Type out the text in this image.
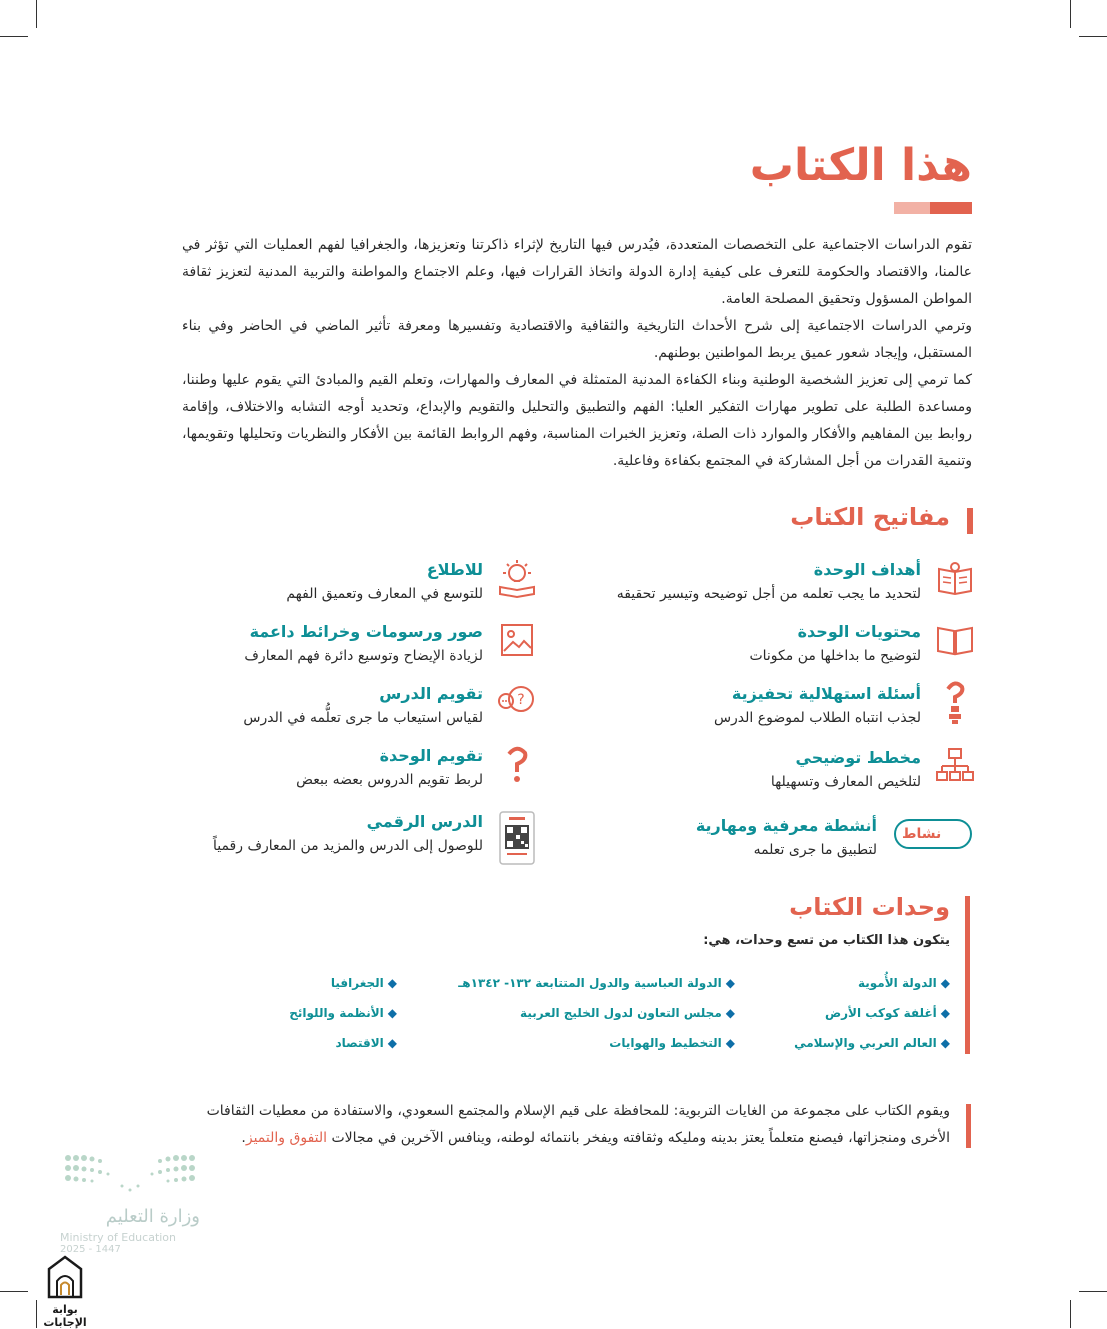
هذا الكتاب

تقوم الدراسات الاجتماعية على التخصصات المتعددة، فيُدرس فيها التاريخ لإثراء ذاكرتنا وتعزيزها، والجغرافيا لفهم العمليات التي تؤثر في عالمنا، والاقتصاد والحكومة للتعرف على كيفية إدارة الدولة واتخاذ القرارات فيها، وعلم الاجتماع والمواطنة والتربية المدنية لتعزيز ثقافة المواطن المسؤول وتحقيق المصلحة العامة.

وترمي الدراسات الاجتماعية إلى شرح الأحداث التاريخية والثقافية والاقتصادية وتفسيرها ومعرفة تأثير الماضي في الحاضر وفي بناء المستقبل، وإيجاد شعور عميق يربط المواطنين بوطنهم.

كما ترمي إلى تعزيز الشخصية الوطنية وبناء الكفاءة المدنية المتمثلة في المعارف والمهارات، وتعلم القيم والمبادئ التي يقوم عليها وطننا، ومساعدة الطلبة على تطوير مهارات التفكير العليا: الفهم والتطبيق والتحليل والتقويم والإبداع، وتحديد أوجه التشابه والاختلاف، وإقامة روابط بين المفاهيم والأفكار والموارد ذات الصلة، وتعزيز الخبرات المناسبة، وفهم الروابط القائمة بين الأفكار والنظريات وتحليلها وتقويمها، وتنمية القدرات من أجل المشاركة في المجتمع بكفاءة وفاعلية.

مفاتيح الكتاب
أهداف الوحدة
لتحديد ما يجب تعلمه من أجل توضيحه وتيسير تحقيقه
محتويات الوحدة
لتوضيح ما بداخلها من مكونات
أسئلة استهلالية تحفيزية
لجذب انتباه الطلاب لموضوع الدرس
مخطط توضيحي
لتلخيص المعارف وتسهيلها
نشاط
أنشطة معرفية ومهارية
لتطبيق ما جرى تعلمه
للاطلاع
للتوسع في المعارف وتعميق الفهم
صور ورسومات وخرائط داعمة
لزيادة الإيضاح وتوسيع دائرة فهم المعارف
?
تقويم الدرس
لقياس استيعاب ما جرى تعلُّمه في الدرس
تقويم الوحدة
لربط تقويم الدروس بعضه ببعض
الدرس الرقمي
للوصول إلى الدرس والمزيد من المعارف رقمياً
وحدات الكتاب
يتكون هذا الكتاب من تسع وحدات، هي:
◆الدولة الأُموية
◆أغلفة كوكب الأرض
◆العالم العربي والإسلامي
◆الدولة العباسية والدول المتتابعة ١٣٢- ١٣٤٢هـ
◆مجلس التعاون لدول الخليج العربية
◆التخطيط والهوايات
◆الجغرافيا
◆الأنظمة واللوائح
◆الاقتصاد
ويقوم الكتاب على مجموعة من الغايات التربوية: للمحافظة على قيم الإسلام والمجتمع السعودي، والاستفادة من معطيات الثقافات
الأخرى ومنجزاتها، فيصنع متعلماً يعتز بدينه ومليكه وثقافته ويفخر بانتمائه لوطنه، وينافس الآخرين في مجالات التفوق والتميز.
وزارة التعليم
Ministry of Education
2025 - 1447
بوابة الإجابات
